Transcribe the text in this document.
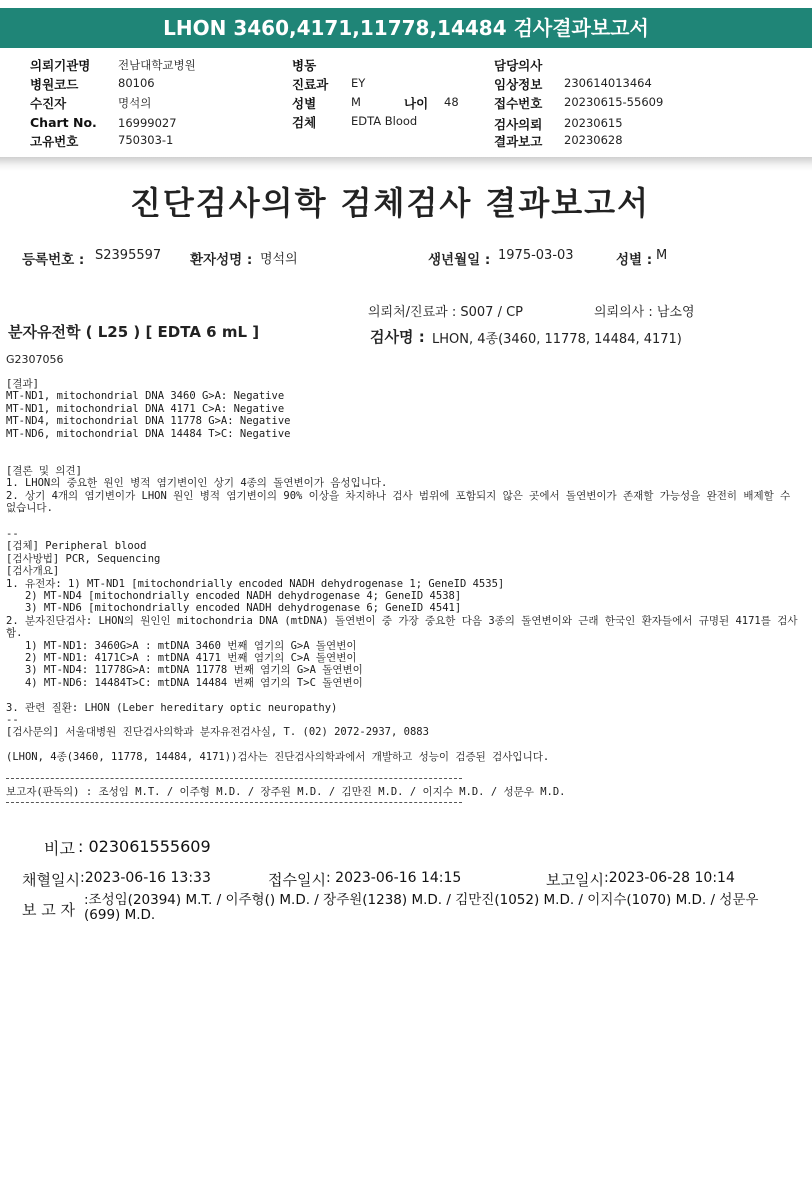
LHON 3460,4171,11778,14484 검사결과보고서
의뢰기관명 전남대학교병원
병원코드	80106
수진자	명석의
Chart No. 16999027
고유번호	750303-1
병동
진료과 EY
성별	M	나이 48
검체	EDTA Blood
담당의사
임상정보 230614013464
접수번호 20230615-55609
검사의뢰 20230615
결과보고 20230628
진단검사의학 검체검사 결과보고서
등록번호 : S2395597 환자성명 : 명석의	생년월일 : 1975-03-03	성별 : M
의뢰처/진료과 : S007 / CP	의뢰의사 : 남소영
분자유전학 ( L25 ) [ EDTA 6 mL ]	검사명 : LHON, 4종(3460, 11778, 14484, 4171)
G2307056
[결과]
MT-ND1, mitochondrial DNA 3460 G>A: Negative
MT-ND1, mitochondrial DNA 4171 C>A: Negative
MT-ND4, mitochondrial DNA 11778 G>A: Negative
MT-ND6, mitochondrial DNA 14484 T>C: Negative
[결론 및 의견]
1. LHON의 중요한 원인 병적 염기변이인 상기 4종의 돌연변이가 음성입니다.
2. 상기 4개의 염기변이가 LHON 원인 병적 염기변이의 90% 이상을 차지하나 검사 범위에 포함되지 않은 곳에서 돌연변이가 존재할 가능성을 완전히 배제할 수 없습니다.
--
[검체] Peripheral blood
[검사방법] PCR, Sequencing
[검사개요]
1. 유전자: 1) MT-ND1 [mitochondrially encoded NADH dehydrogenase 1; GeneID 4535]
2) MT-ND4 [mitochondrially encoded NADH dehydrogenase 4; GeneID 4538]
3) MT-ND6 [mitochondrially encoded NADH dehydrogenase 6; GeneID 4541]
2. 분자진단검사: LHON의 원인인 mitochondria DNA (mtDNA) 돌연변이 중 가장 중요한 다음 3종의 돌연변이와 근래 한국인 환자들에서 규명된 4171를 검사함.
1) MT-ND1: 3460G>A : mtDNA 3460 번째 염기의 G>A 돌연변이
2) MT-ND1: 4171C>A : mtDNA 4171 번째 염기의 C>A 돌연변이
3) MT-ND4: 11778G>A: mtDNA 11778 번째 염기의 G>A 돌연변이
4) MT-ND6: 14484T>C: mtDNA 14484 번째 염기의 T>C 돌연변이
3. 관련 질환: LHON (Leber hereditary optic neuropathy)
--
[검사문의] 서울대병원 진단검사의학과 분자유전검사실, T. (02) 2072-2937, 0883
(LHON, 4종(3460, 11778, 14484, 4171))검사는 진단검사의학과에서 개발하고 성능이 검증된 검사입니다.
보고자(판독의) : 조성임 M.T. / 이주형 M.D. / 장주원 M.D. / 김만진 M.D. / 이지수 M.D. / 성문우 M.D.
비고 : 023061555609
채혈일시 :2023-06-16 13:33	접수일시 : 2023-06-16 14:15	보고일시 :2023-06-28 10:14
보 고 자
:조성임(20394) M.T. / 이주형() M.D. / 장주원(1238) M.D. / 김만진(1052) M.D. / 이지수(1070) M.D. / 성문우(699) M.D.
